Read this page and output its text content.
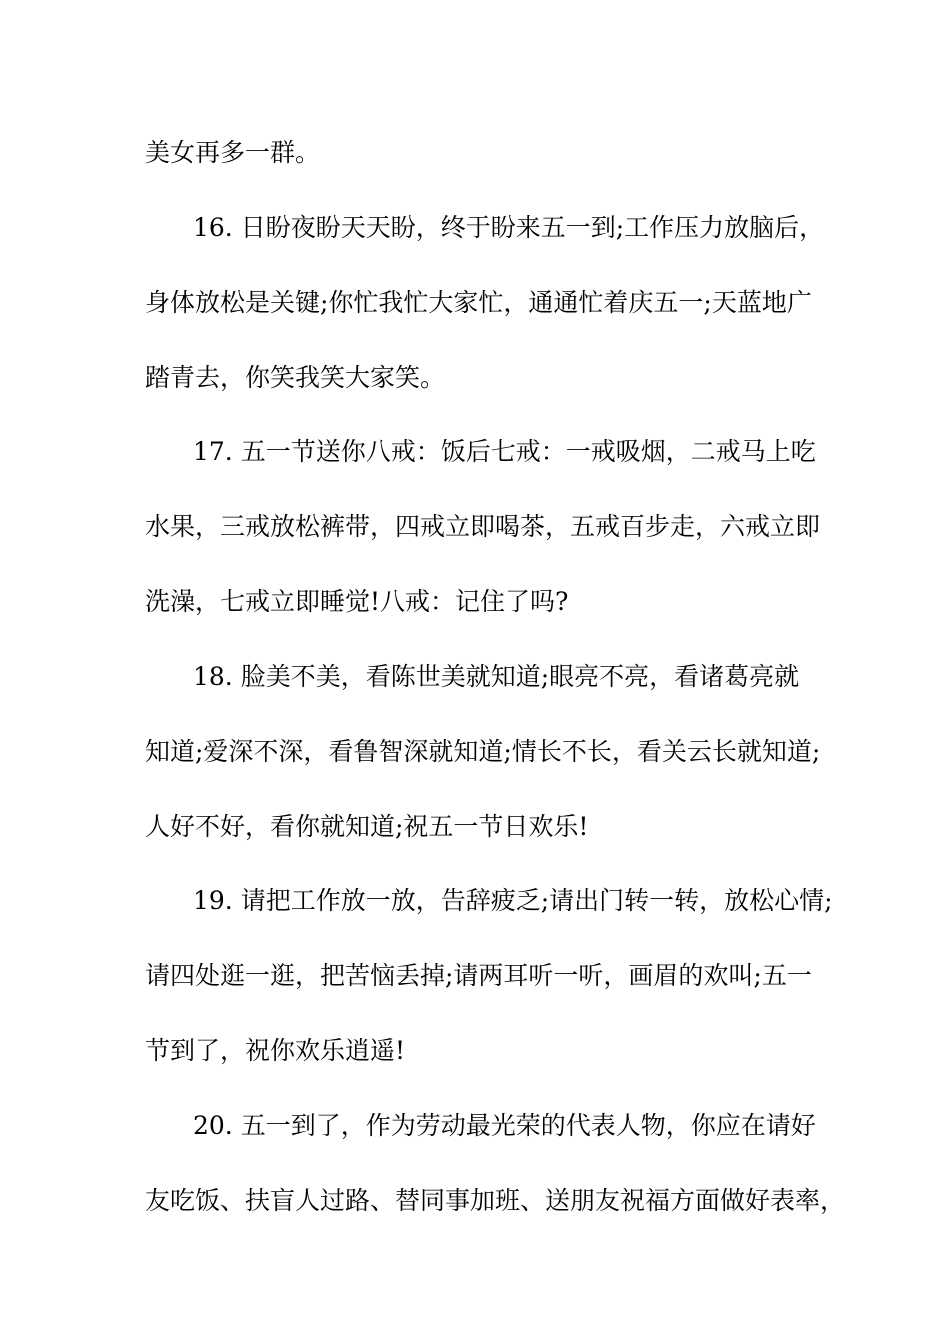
美女再多一群。
16. 日盼夜盼天天盼，终于盼来五一到;工作压力放脑后，
身体放松是关键;你忙我忙大家忙，通通忙着庆五一;天蓝地广
踏青去，你笑我笑大家笑。
17. 五一节送你八戒：饭后七戒：一戒吸烟，二戒马上吃
水果，三戒放松裤带，四戒立即喝茶，五戒百步走，六戒立即
洗澡，七戒立即睡觉!八戒：记住了吗?
18. 脸美不美，看陈世美就知道;眼亮不亮，看诸葛亮就
知道;爱深不深，看鲁智深就知道;情长不长，看关云长就知道;
人好不好，看你就知道;祝五一节日欢乐!
19. 请把工作放一放，告辞疲乏;请出门转一转，放松心情;
请四处逛一逛，把苦恼丢掉;请两耳听一听，画眉的欢叫;五一
节到了，祝你欢乐逍遥!
20. 五一到了，作为劳动最光荣的代表人物，你应在请好
友吃饭、扶盲人过路、替同事加班、送朋友祝福方面做好表率，
